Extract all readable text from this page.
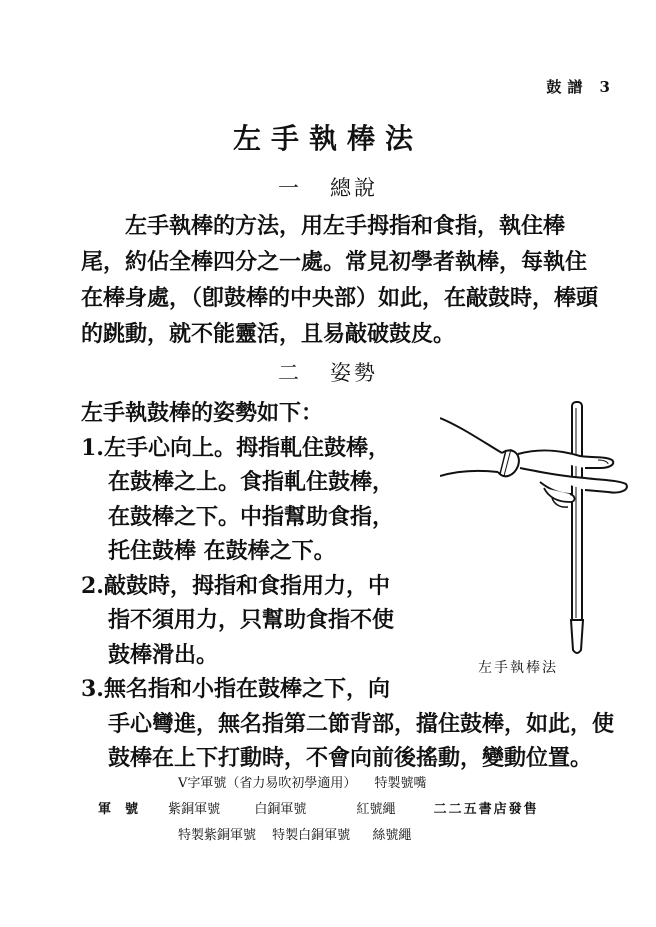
鼓譜 3
左手執棒法
一 總說
左手執棒的方法，用左手拇指和食指，執住棒
尾，約佔全棒四分之一處。常見初學者執棒，每執住
在棒身處，（卽鼓棒的中央部）如此，在敲鼓時，棒頭
的跳動，就不能靈活，且易敲破鼓皮。
二 姿勢
左手執鼓棒的姿勢如下：
1.左手心向上。拇指軋住鼓棒，
在鼓棒之上。食指軋住鼓棒，
在鼓棒之下。中指幫助食指，
托住鼓棒 在鼓棒之下。
2.敲鼓時，拇指和食指用力，中
指不須用力，只幫助食指不使
鼓棒滑出。
3.無名指和小指在鼓棒之下，向
手心彎進，無名指第二節背部，擋住鼓棒，如此，使
鼓棒在上下打動時，不會向前後搖動，變動位置。
左手執棒法
V字軍號（省力易吹初學適用） 特製號嘴
軍號 紫銅軍號	白銅軍號	紅號繩	二二五書店發售
特製紫銅軍號 特製白銅軍號 絲號繩
